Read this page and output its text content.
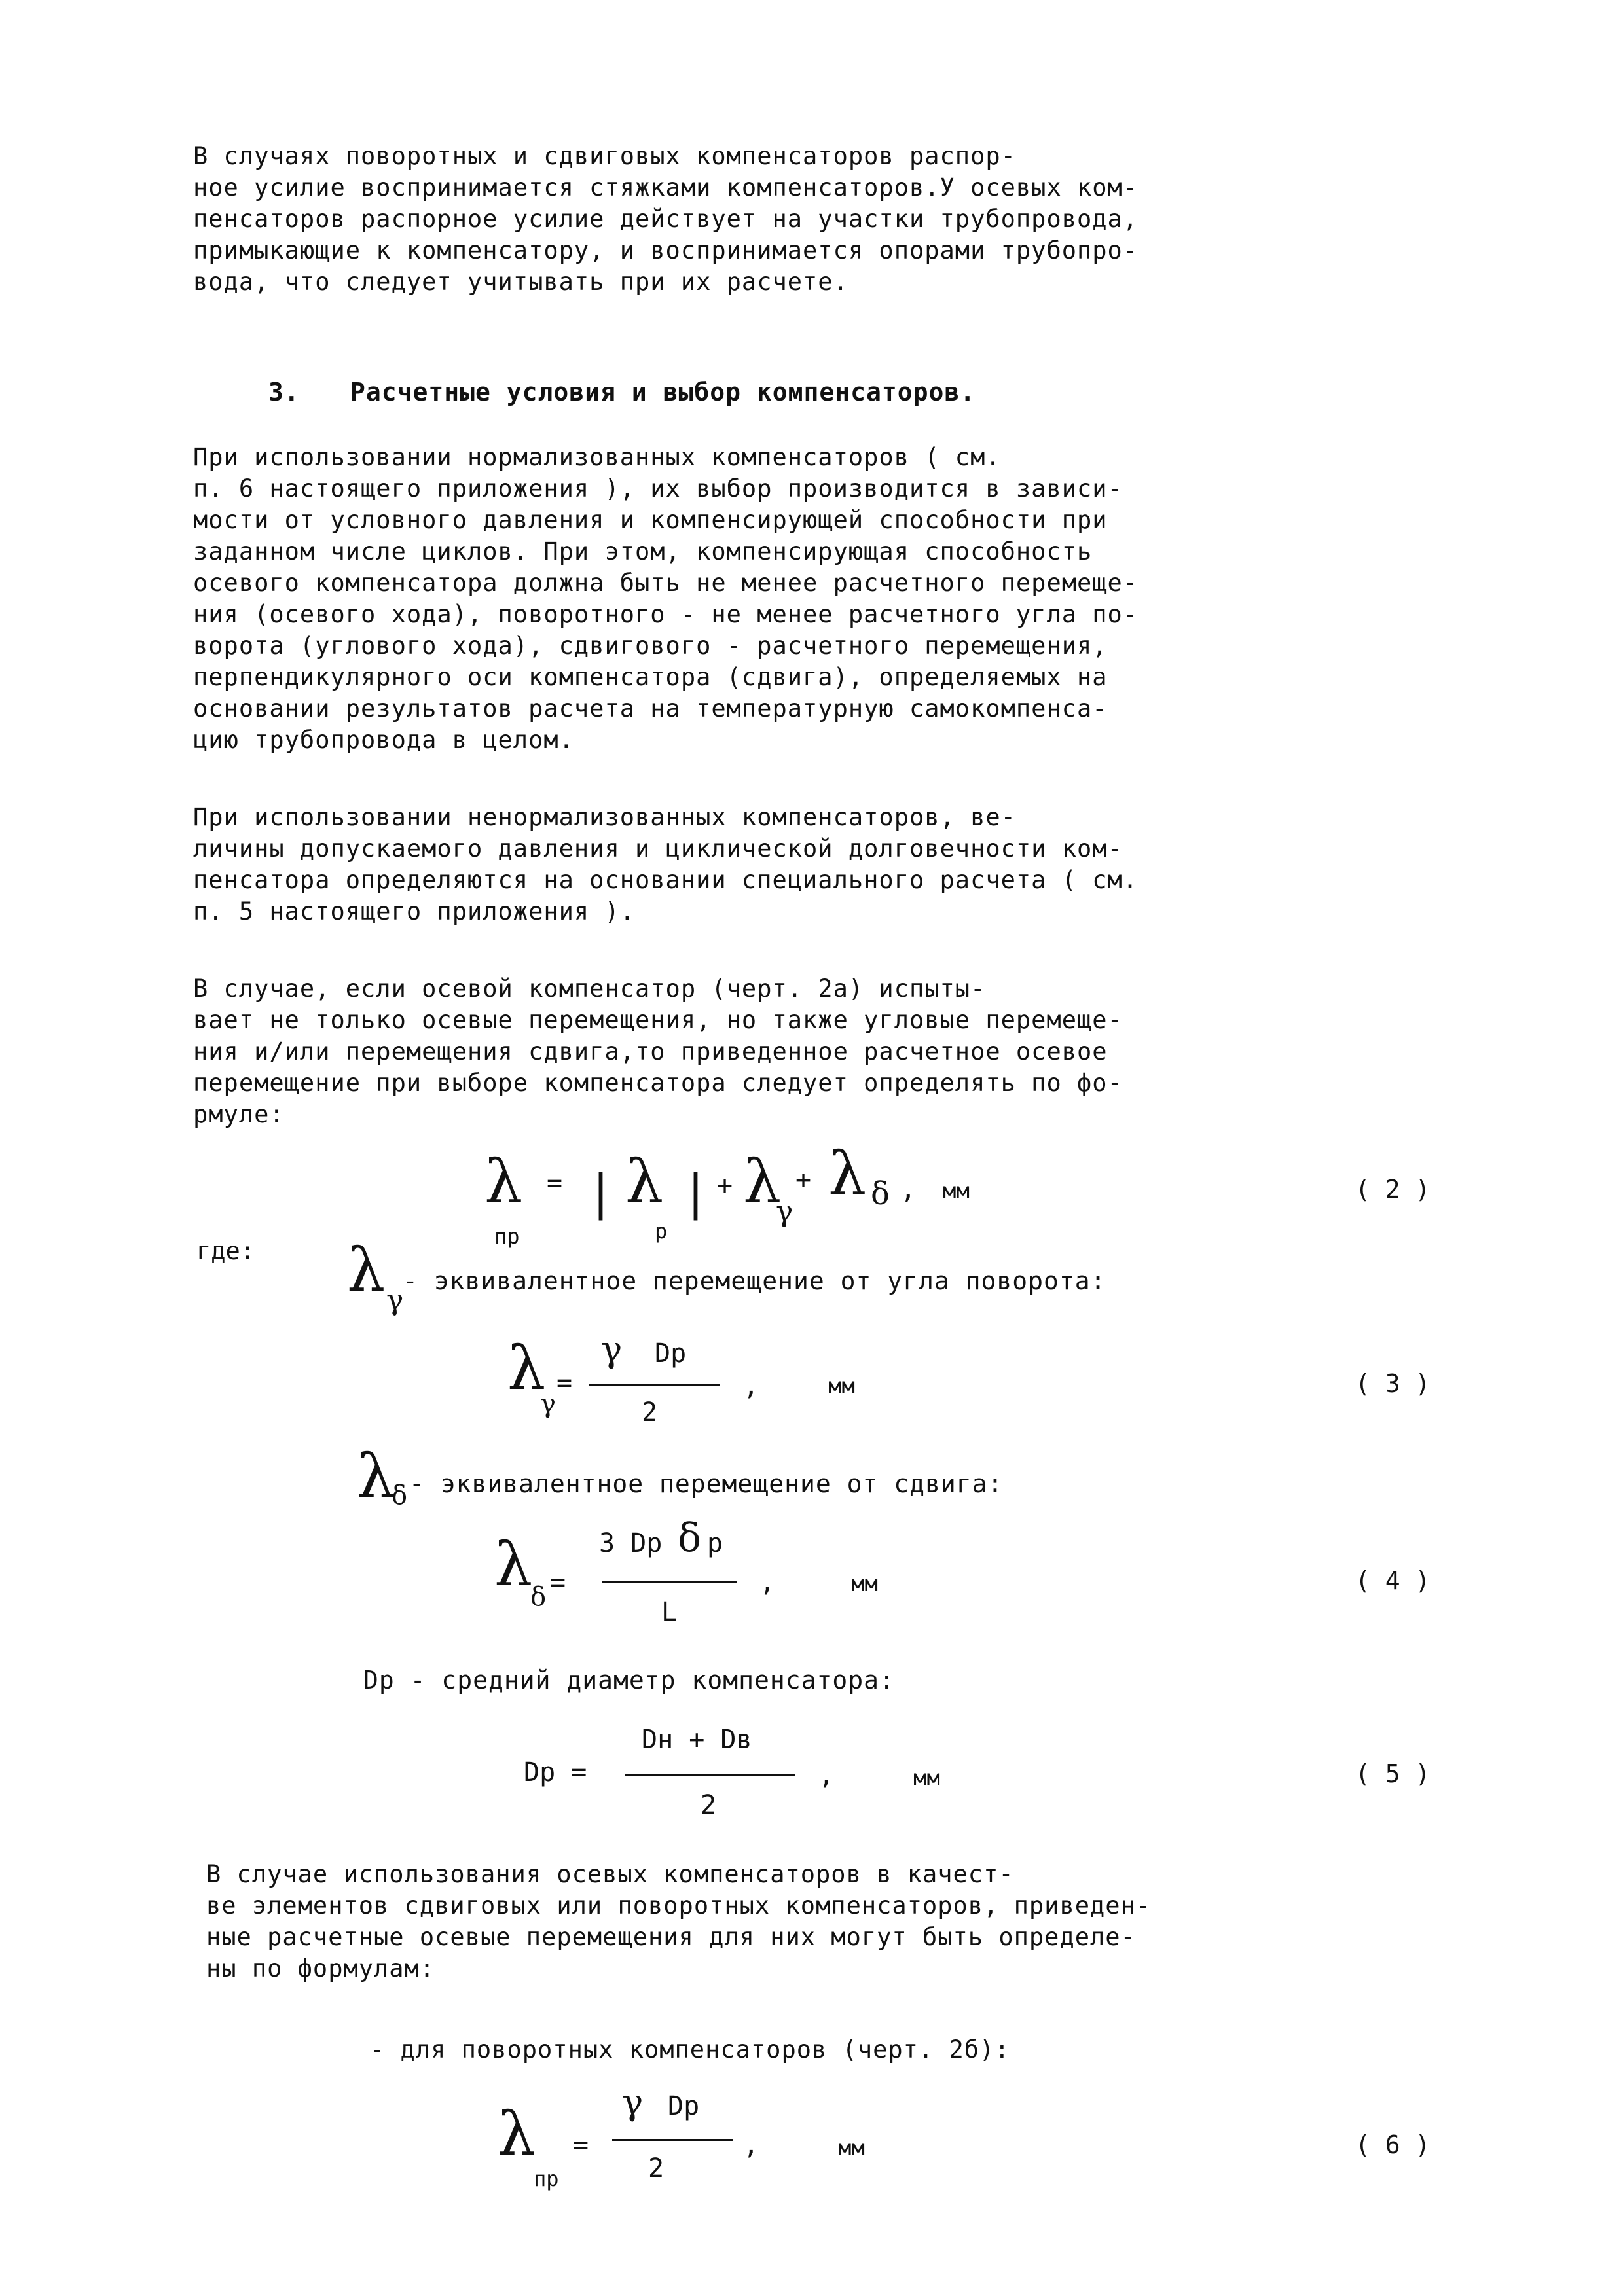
В случаях поворотных и сдвиговых компенсаторов распор-
ное усилие воспринимается стяжками компенсаторов.У осевых ком-
пенсаторов распорное усилие действует на участки трубопровода,
примыкающие к компенсатору, и воспринимается опорами трубопро-
вода, что следует учитывать при их расчете.

3. Расчетные условия и выбор компенсаторов.

При использовании нормализованных компенсаторов ( см.
п. 6 настоящего приложения ), их выбор производится в зависи-
мости от условного давления и компенсирующей способности при
заданном числе циклов. При этом, компенсирующая способность
осевого компенсатора должна быть не менее расчетного перемеще-
ния (осевого хода), поворотного - не менее расчетного угла по-
ворота (углового хода), сдвигового - расчетного перемещения,
перпендикулярного оси компенсатора (сдвига), определяемых на
основании результатов расчета на температурную самокомпенса-
цию трубопровода в целом.

При использовании ненормализованных компенсаторов, ве-
личины допускаемого давления и циклической долговечности ком-
пенсатора определяются на основании специального расчета ( см.
п. 5 настоящего приложения ).

В случае, если осевой компенсатор (черт. 2а) испыты-
вает не только осевые перемещения, но также угловые перемеще-
ния и/или перемещения сдвига,то приведенное расчетное осевое
перемещение при выборе компенсатора следует определять по фо-
рмуле:

λ
пр
= | λ
р
| + λ
γ
+ λ δ , мм	( 2 )
где: λ γ
- эквивалентное перемещение от угла поворота:
λ
γ
=
γ Dp
2
,	мм	( 3 )
λ
δ - эквивалентное перемещение от сдвига:
λ
δ =
3 Dp δ p
L
,	мм	( 4 )
Dp - средний диаметр компенсатора:
Dp =
Dн + Dв
2
,	мм	( 5 )

В случае использования осевых компенсаторов в качест-
ве элементов сдвиговых или поворотных компенсаторов, приведен-
ные расчетные осевые перемещения для них могут быть определе-
ны по формулам:

- для поворотных компенсаторов (черт. 2б):

λ
пр
=
γ Dp
2
,	мм	( 6 )
